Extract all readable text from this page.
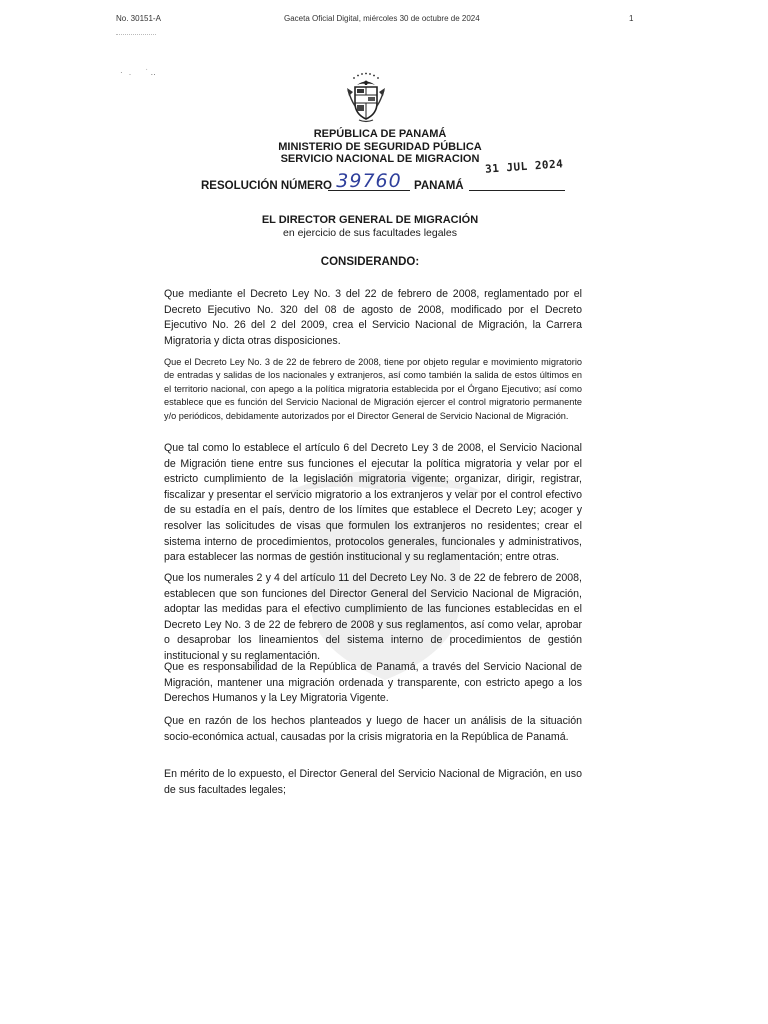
No. 30151-A	Gaceta Oficial Digital, miércoles 30 de octubre de 2024	1
· .   ˙‥
REPÚBLICA DE PANAMÁ
MINISTERIO DE SEGURIDAD PÚBLICA
SERVICIO NACIONAL DE MIGRACION 31 JUL 2024
RESOLUCIÓN NÚMERO 39760	PANAMÁ
EL DIRECTOR GENERAL DE MIGRACIÓN
en ejercicio de sus facultades legales
CONSIDERANDO:

Que mediante el Decreto Ley No. 3 del 22 de febrero de 2008, reglamentado por el Decreto Ejecutivo No. 320 del 08 de agosto de 2008, modificado por el Decreto Ejecutivo No. 26 del 2 del 2009, crea el Servicio Nacional de Migración, la Carrera Migratoria y dicta otras disposiciones.

Que el Decreto Ley No. 3 de 22 de febrero de 2008, tiene por objeto regular e movimiento migratorio de entradas y salidas de los nacionales y extranjeros, así como también la salida de estos últimos en el territorio nacional, con apego a la política migratoria establecida por el Órgano Ejecutivo; así como establece que es función del Servicio Nacional de Migración ejercer el control migratorio permanente y/o periódicos, debidamente autorizados por el Director General de Servicio Nacional de Migración.

Que tal como lo establece el artículo 6 del Decreto Ley 3 de 2008, el Servicio Nacional de Migración tiene entre sus funciones el ejecutar la política migratoria y velar por el estricto cumplimiento de la legislación migratoria vigente; organizar, dirigir, registrar, fiscalizar y presentar el servicio migratorio a los extranjeros y velar por el control efectivo de su estadía en el país, dentro de los límites que establece el Decreto Ley; acoger y resolver las solicitudes de visas que formulen los extranjeros no residentes; crear el sistema interno de procedimientos, protocolos generales, funcionales y administrativos, para establecer las normas de gestión institucional y su reglamentación; entre otras.

Que los numerales 2 y 4 del artículo 11 del Decreto Ley No. 3 de 22 de febrero de 2008, establecen que son funciones del Director General del Servicio Nacional de Migración, adoptar las medidas para el efectivo cumplimiento de las funciones establecidas en el Decreto Ley No. 3 de 22 de febrero de 2008 y sus reglamentos, así como velar, aprobar o desaprobar los lineamientos del sistema interno de procedimientos de gestión institucional y su reglamentación.

Que es responsabilidad de la República de Panamá, a través del Servicio Nacional de Migración, mantener una migración ordenada y transparente, con estricto apego a los Derechos Humanos y la Ley Migratoria Vigente.

Que en razón de los hechos planteados y luego de hacer un análisis de la situación socio-económica actual, causadas por la crisis migratoria en la República de Panamá.

En mérito de lo expuesto, el Director General del Servicio Nacional de Migración, en uso de sus facultades legales;
